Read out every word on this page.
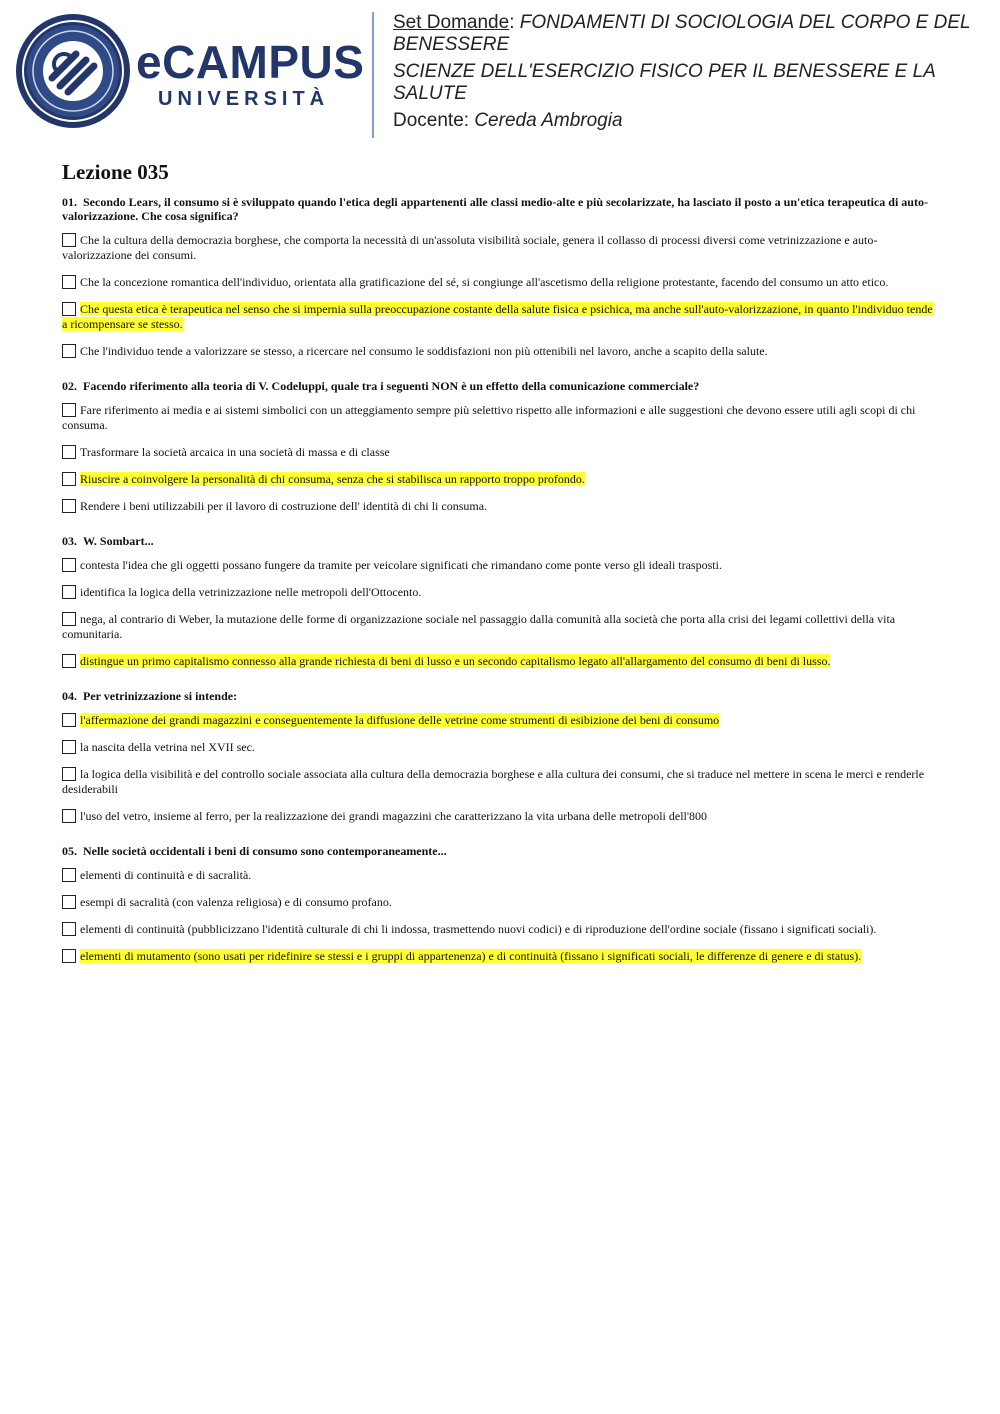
eCAMPUS
UNIVERSITÀ
Set Domande: FONDAMENTI DI SOCIOLOGIA DEL CORPO E DEL BENESSERE
SCIENZE DELL'ESERCIZIO FISICO PER IL BENESSERE E LA SALUTE
Docente: Cereda Ambrogia
Lezione 035
01. Secondo Lears, il consumo si è sviluppato quando l'etica degli appartenenti alle classi medio-alte e più secolarizzate, ha lasciato il posto a un'etica terapeutica di auto-valorizzazione. Che cosa significa?
Che la cultura della democrazia borghese, che comporta la necessità di un'assoluta visibilità sociale, genera il collasso di processi diversi come vetrinizzazione e auto-valorizzazione dei consumi.
Che la concezione romantica dell'individuo, orientata alla gratificazione del sé, si congiunge all'ascetismo della religione protestante, facendo del consumo un atto etico.
Che questa etica è terapeutica nel senso che si impernia sulla preoccupazione costante della salute fisica e psichica, ma anche sull'auto-valorizzazione, in quanto l'individuo tende a ricompensare se stesso.
Che l'individuo tende a valorizzare se stesso, a ricercare nel consumo le soddisfazioni non più ottenibili nel lavoro, anche a scapito della salute.
02. Facendo riferimento alla teoria di V. Codeluppi, quale tra i seguenti NON è un effetto della comunicazione commerciale?
Fare riferimento ai media e ai sistemi simbolici con un atteggiamento sempre più selettivo rispetto alle informazioni e alle suggestioni che devono essere utili agli scopi di chi consuma.
Trasformare la società arcaica in una società di massa e di classe
Riuscire a coinvolgere la personalità di chi consuma, senza che si stabilisca un rapporto troppo profondo.
Rendere i beni utilizzabili per il lavoro di costruzione dell' identità di chi li consuma.
03. W. Sombart...
contesta l'idea che gli oggetti possano fungere da tramite per veicolare significati che rimandano come ponte verso gli ideali trasposti.
identifica la logica della vetrinizzazione nelle metropoli dell'Ottocento.
nega, al contrario di Weber, la mutazione delle forme di organizzazione sociale nel passaggio dalla comunità alla società che porta alla crisi dei legami collettivi della vita comunitaria.
distingue un primo capitalismo connesso alla grande richiesta di beni di lusso e un secondo capitalismo legato all'allargamento del consumo di beni di lusso.
04. Per vetrinizzazione si intende:
l'affermazione dei grandi magazzini e conseguentemente la diffusione delle vetrine come strumenti di esibizione dei beni di consumo
la nascita della vetrina nel XVII sec.
la logica della visibilità e del controllo sociale associata alla cultura della democrazia borghese e alla cultura dei consumi, che si traduce nel mettere in scena le merci e renderle desiderabili
l'uso del vetro, insieme al ferro, per la realizzazione dei grandi magazzini che caratterizzano la vita urbana delle metropoli dell'800
05. Nelle società occidentali i beni di consumo sono contemporaneamente...
elementi di continuità e di sacralità.
esempi di sacralità (con valenza religiosa) e di consumo profano.
elementi di continuità (pubblicizzano l'identità culturale di chi li indossa, trasmettendo nuovi codici) e di riproduzione dell'ordine sociale (fissano i significati sociali).
elementi di mutamento (sono usati per ridefinire se stessi e i gruppi di appartenenza) e di continuità (fissano i significati sociali, le differenze di genere e di status).
